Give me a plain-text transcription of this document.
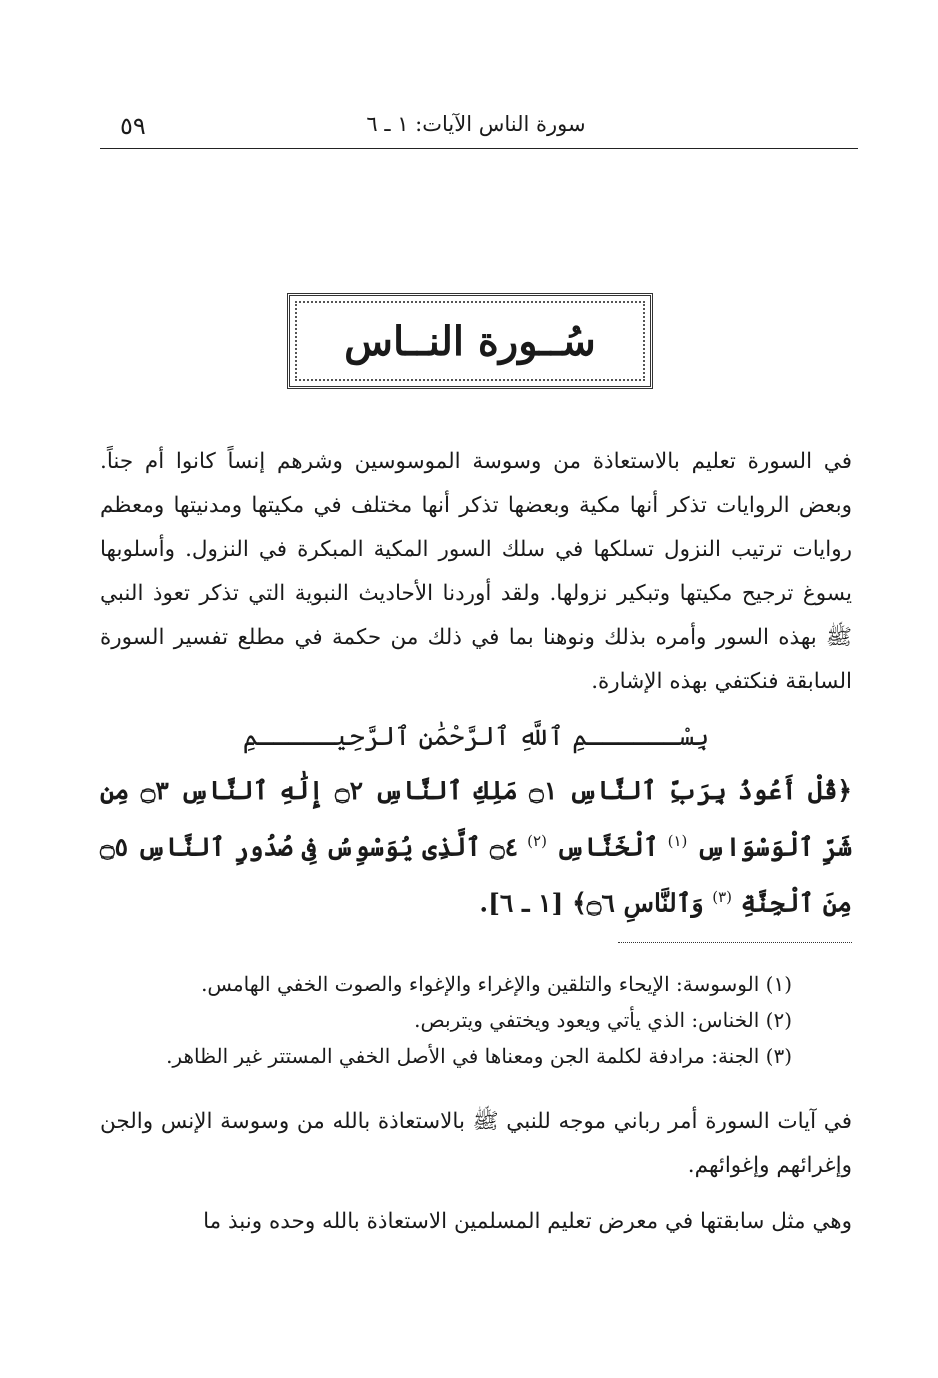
٥٩	سورة الناس الآيات: ١ ـ ٦
سُــورة النــاس
في السورة تعليم بالاستعاذة من وسوسة الموسوسين وشرهم إنساً كانوا أم جناً. وبعض الروايات تذكر أنها مكية وبعضها تذكر أنها مختلف في مكيتها ومدنيتها ومعظم روايات ترتيب النزول تسلكها في سلك السور المكية المبكرة في النزول. وأسلوبها يسوغ ترجيح مكيتها وتبكير نزولها. ولقد أوردنا الأحاديث النبوية التي تذكر تعوذ النبي ﷺ بهذه السور وأمره بذلك ونوهنا بما في ذلك من حكمة في مطلع تفسير السورة السابقة فنكتفي بهذه الإشارة.
بِسْــــــمِ ٱللَّهِ ٱلرَّحْمَٰنِ ٱلرَّحِيـــــمِ
﴿قُلْ أَعُوذُ بِرَبِّ ٱلنَّاسِ ۝١ مَلِكِ ٱلنَّاسِ ۝٢ إِلَٰهِ ٱلنَّاسِ ۝٣ مِن شَرِّ ٱلْوَسْوَاسِ $^{(١)}$ ٱلْخَنَّاسِ $^{(٢)}$ ۝٤ ٱلَّذِى يُوَسْوِسُ فِى صُدُورِ ٱلنَّاسِ ۝٥ مِنَ ٱلْجِنَّةِ $^{(٣)}$ وَٱلنَّاسِ ۝٦﴾ [١ ـ ٦].
(١) الوسوسة: الإيحاء والتلقين والإغراء والإغواء والصوت الخفي الهامس.
(٢) الخناس: الذي يأتي ويعود ويختفي ويتربص.
(٣) الجنة: مرادفة لكلمة الجن ومعناها في الأصل الخفي المستتر غير الظاهر.
في آيات السورة أمر رباني موجه للنبي ﷺ بالاستعاذة بالله من وسوسة الإنس والجن وإغرائهم وإغوائهم.
وهي مثل سابقتها في معرض تعليم المسلمين الاستعاذة بالله وحده ونبذ ما
